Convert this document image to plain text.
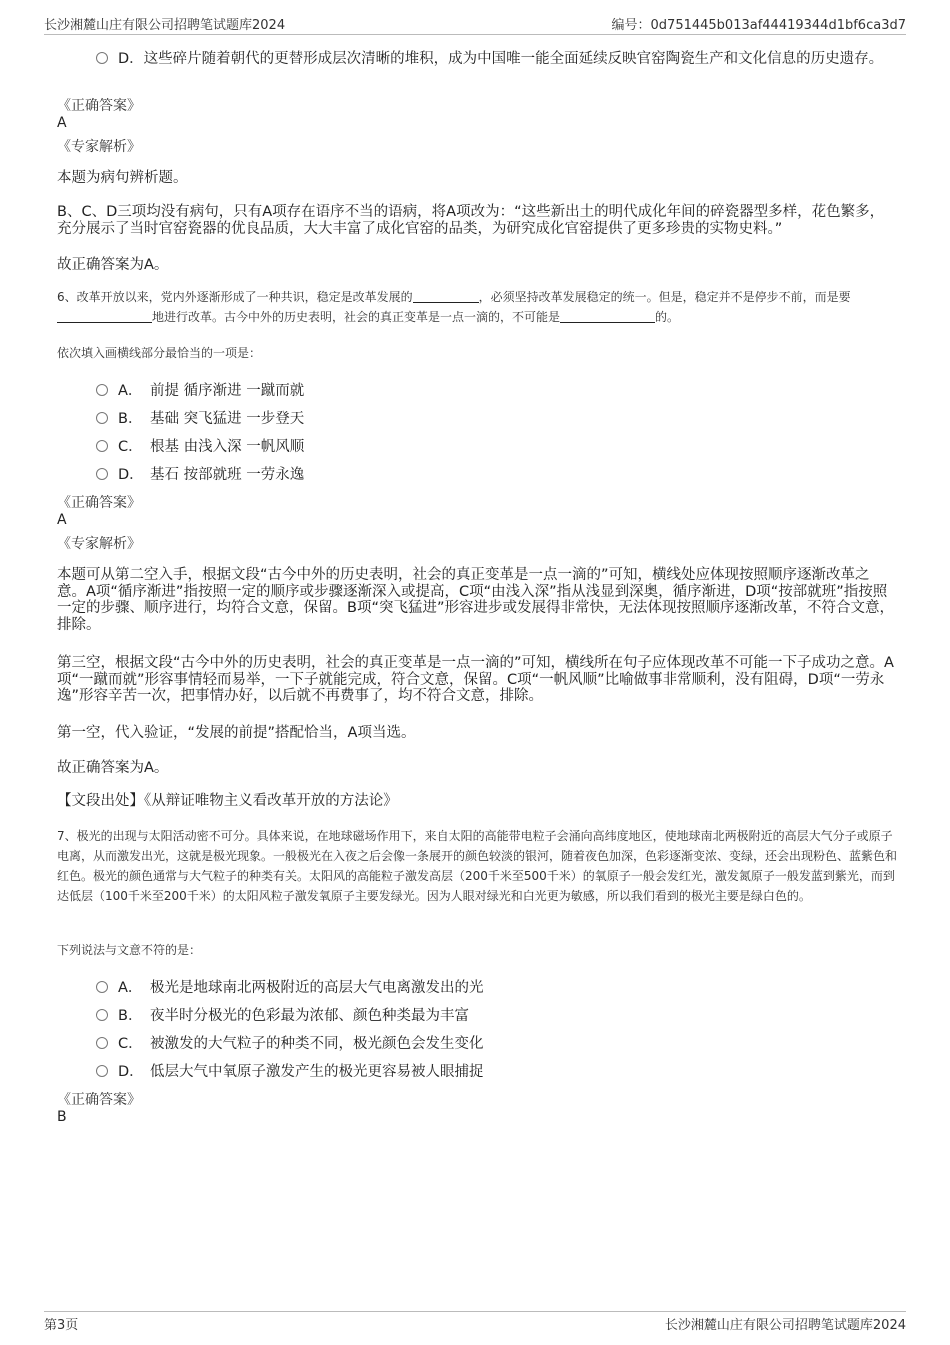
长沙湘麓山庄有限公司招聘笔试题库2024	编号：0d751445b013af44419344d1bf6ca3d7
D．这些碎片随着朝代的更替形成层次清晰的堆积，成为中国唯一能全面延续反映官窑陶瓷生产和文化信息的历史遗存。
《正确答案》
A
《专家解析》
本题为病句辨析题。
B、C、D三项均没有病句，只有A项存在语序不当的语病，将A项改为：“这些新出土的明代成化年间的碎瓷器型多样，花色繁多，充分展示了当时官窑瓷器的优良品质，大大丰富了成化官窑的品类，为研究成化官窑提供了更多珍贵的实物史料。”
故正确答案为A。
6、改革开放以来，党内外逐渐形成了一种共识，稳定是改革发展的	，必须坚持改革发展稳定的统一。但是，稳定并不是停步不前，而是要地进行改革。古今中外的历史表明，社会的真正变革是一点一滴的，不可能是	的。
依次填入画横线部分最恰当的一项是：
A． 前提 循序渐进 一蹴而就
B． 基础 突飞猛进 一步登天
C． 根基 由浅入深 一帆风顺
D． 基石 按部就班 一劳永逸
《正确答案》
A
《专家解析》
本题可从第二空入手，根据文段“古今中外的历史表明，社会的真正变革是一点一滴的”可知，横线处应体现按照顺序逐渐改革之意。A项“循序渐进”指按照一定的顺序或步骤逐渐深入或提高，C项“由浅入深”指从浅显到深奥，循序渐进，D项“按部就班”指按照一定的步骤、顺序进行，均符合文意，保留。B项“突飞猛进”形容进步或发展得非常快，无法体现按照顺序逐渐改革，不符合文意，排除。
第三空，根据文段“古今中外的历史表明，社会的真正变革是一点一滴的”可知，横线所在句子应体现改革不可能一下子成功之意。A项“一蹴而就”形容事情轻而易举，一下子就能完成，符合文意，保留。C项“一帆风顺”比喻做事非常顺利，没有阻碍，D项“一劳永逸”形容辛苦一次，把事情办好，以后就不再费事了，均不符合文意，排除。
第一空，代入验证，“发展的前提”搭配恰当，A项当选。
故正确答案为A。
【文段出处】《从辩证唯物主义看改革开放的方法论》
7、极光的出现与太阳活动密不可分。具体来说，在地球磁场作用下，来自太阳的高能带电粒子会涌向高纬度地区，使地球南北两极附近的高层大气分子或原子电离，从而激发出光，这就是极光现象。一般极光在入夜之后会像一条展开的颜色较淡的银河，随着夜色加深，色彩逐渐变浓、变绿，还会出现粉色、蓝紫色和红色。极光的颜色通常与大气粒子的种类有关。太阳风的高能粒子激发高层（200千米至500千米）的氧原子一般会发红光，激发氮原子一般发蓝到紫光，而到达低层（100千米至200千米）的太阳风粒子激发氧原子主要发绿光。因为人眼对绿光和白光更为敏感，所以我们看到的极光主要是绿白色的。
下列说法与文意不符的是：
A． 极光是地球南北两极附近的高层大气电离激发出的光
B． 夜半时分极光的色彩最为浓郁、颜色种类最为丰富
C． 被激发的大气粒子的种类不同，极光颜色会发生变化
D． 低层大气中氧原子激发产生的极光更容易被人眼捕捉
《正确答案》
B
第3页	长沙湘麓山庄有限公司招聘笔试题库2024
